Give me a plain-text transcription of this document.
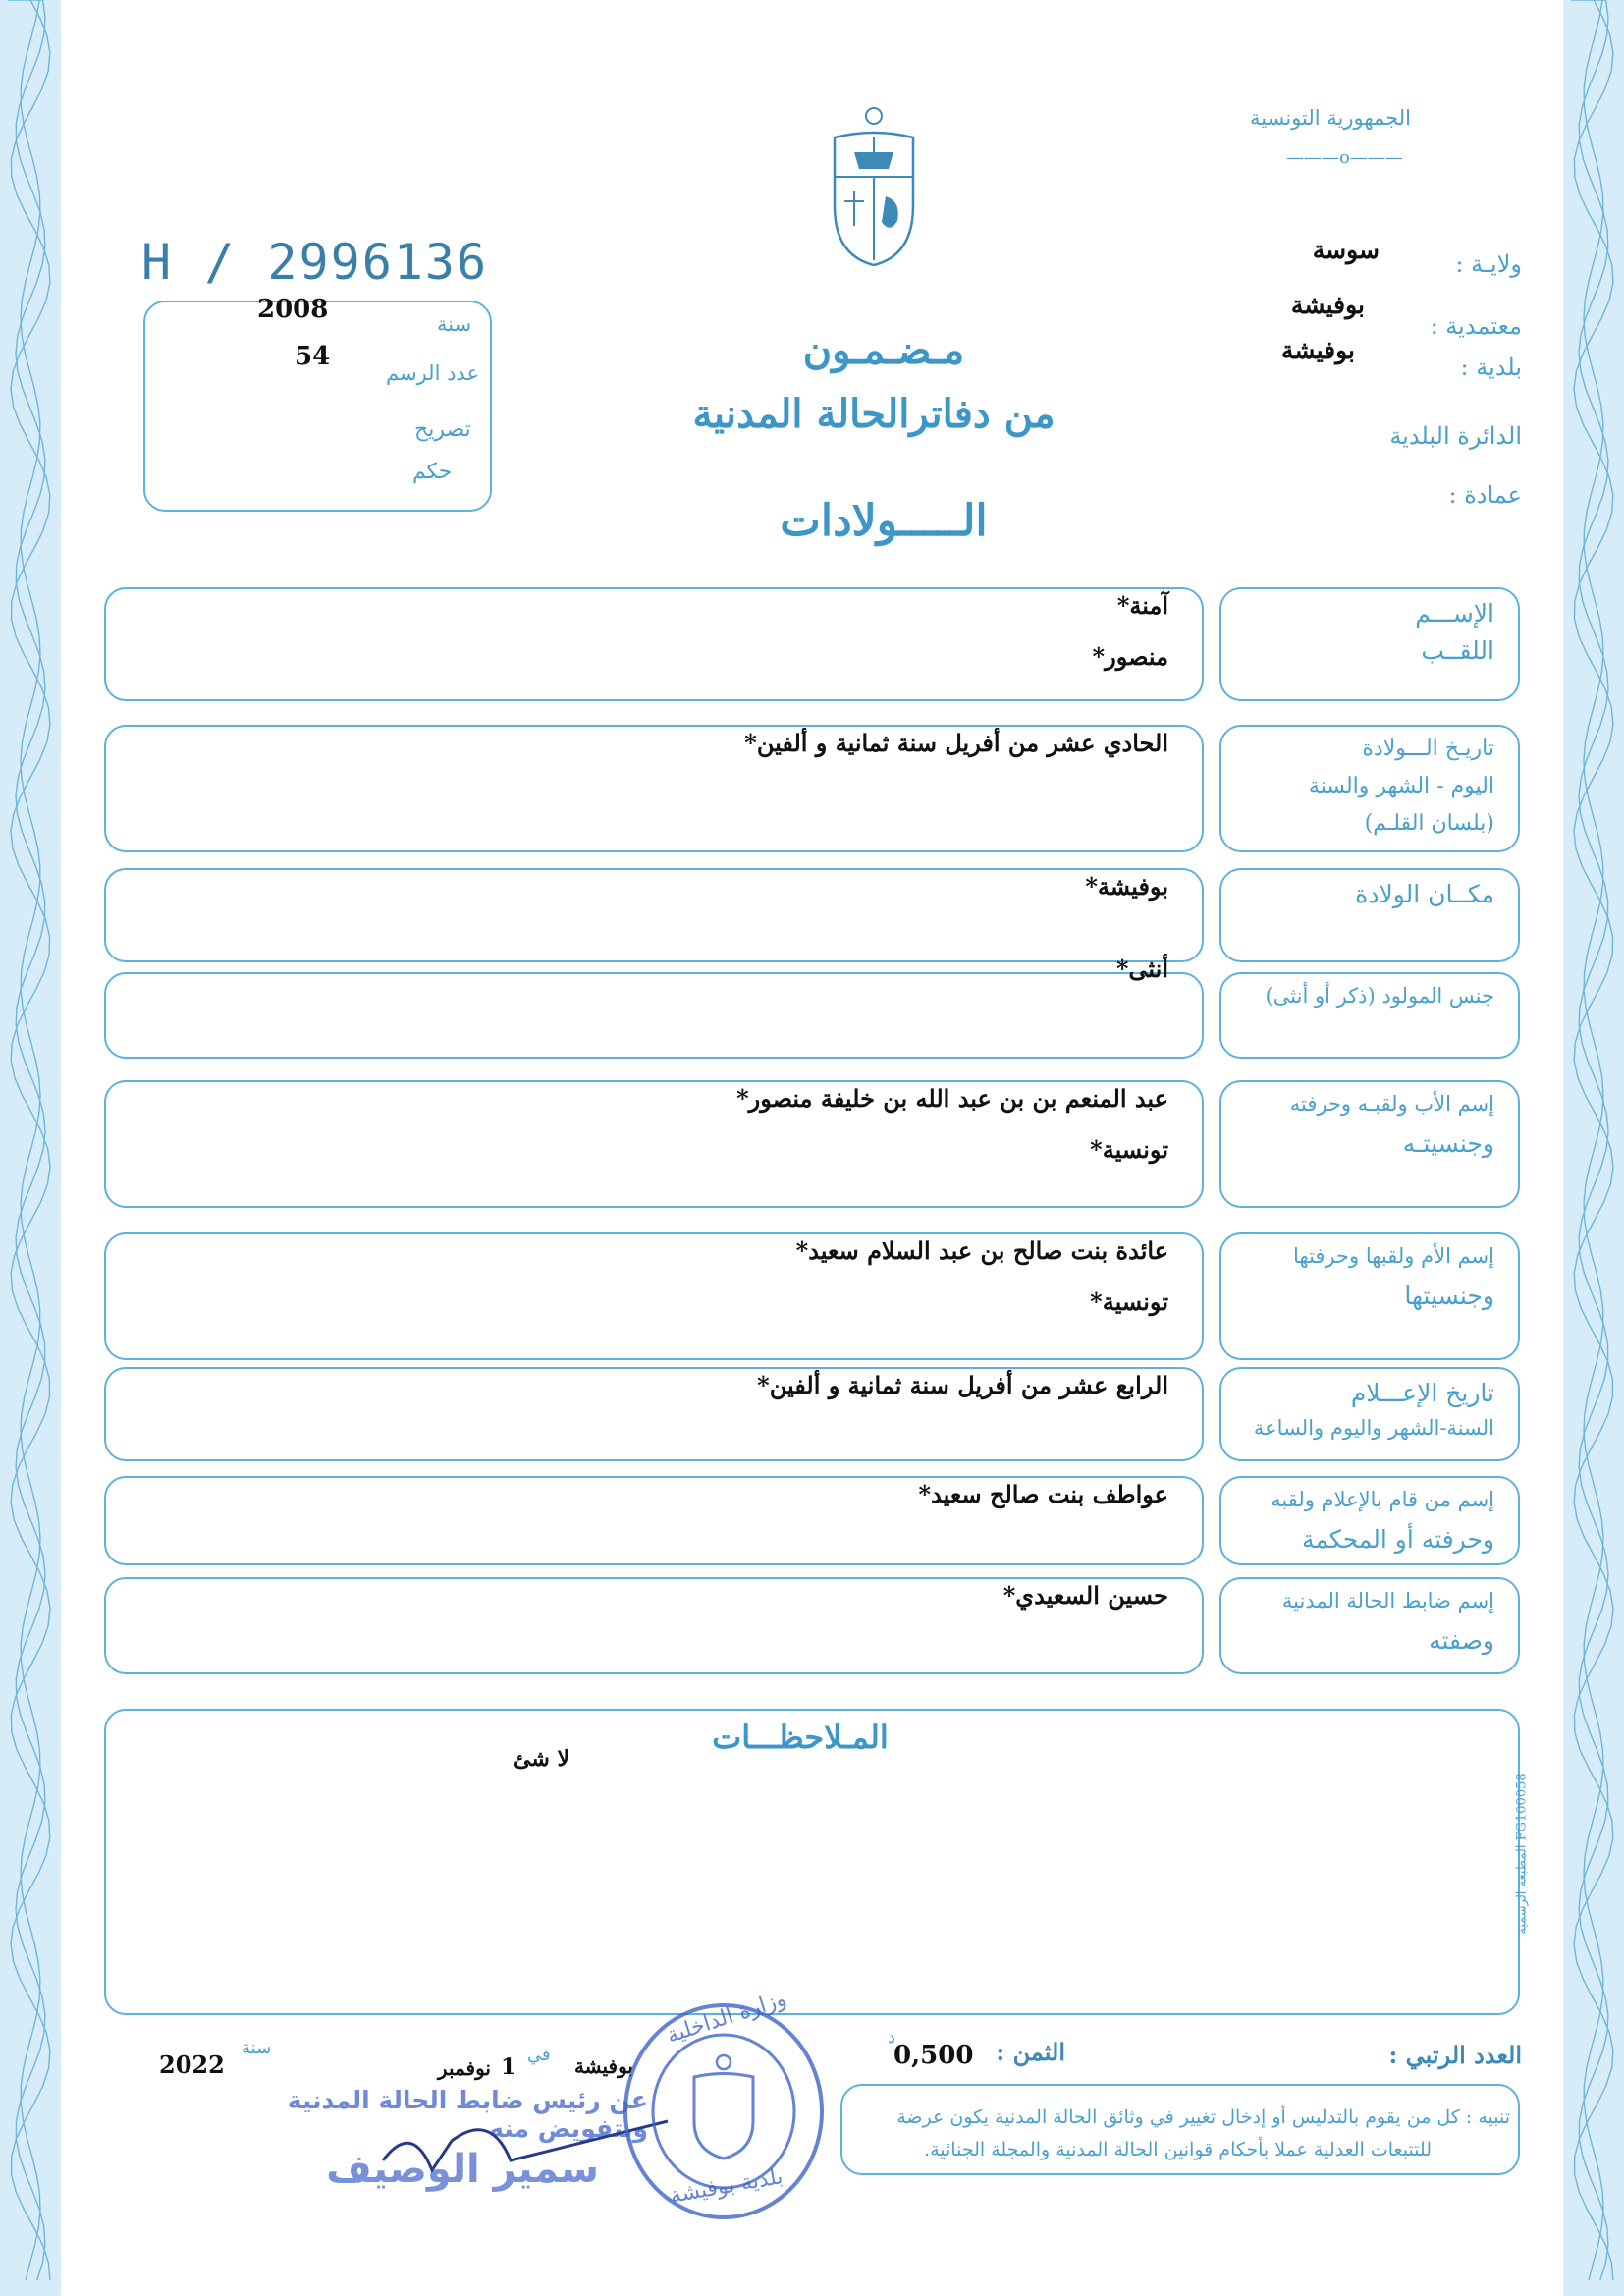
الجمهورية التونسية
———o———
H / 2996136
سنة
2008
عدد الرسم
54
تصريح
حكم
مـضـمـون
من دفاترالحالة المدنية
الـــــولادات
ولايـة :
سوسة
معتمدية :
بوفيشة
بلدية :
بوفيشة
الدائرة البلدية
عمادة :
الإســـم
اللقــب
آمنة*
منصور*
تاريـخ الـــولادة
اليوم - الشهر والسنة
(بلسان القلـم)
الحادي عشر من أفريل سنة ثمانية و ألفين*
مكــان الولادة
بوفيشة*
جنس المولود (ذكر أو أنثى)
أنثى*
إسم الأب ولقبـه وحرفته
وجنسيتـه
عبد المنعم بن بن عبد الله بن خليفة منصور*
تونسية*
إسم الأم ولقبها وحرفتها
وجنسيتها
عائدة بنت صالح بن عبد السلام سعيد*
تونسية*
تاريخ الإعـــلام
السنة-الشهر واليوم والساعة
الرابع عشر من أفريل سنة ثمانية و ألفين*
إسم من قام بالإعلام ولقبه
وحرفته أو المحكمة
عواطف بنت صالح سعيد*
إسم ضابط الحالة المدنية
وصفته
حسين السعيدي*
المـلاحظـــات
لا شئ
العدد الرتبي :
الثمن :
0,500
د
بوفيشة
في
1
نوفمبر
سنة
2022
عن رئيس ضابط الحالة المدنية وبتفويض منه
سمير الوصيف
وزارة الداخلية
بلدية بوفيشة
تنبيه : كل من يقوم بالتدليس أو إدخال تغيير في وثائق الحالة المدنية يكون عرضة
للتتبعات العدلية عملا بأحكام قوانين الحالة المدنية والمجلة الجنائية.
المطبعة الرسمية FG100058
